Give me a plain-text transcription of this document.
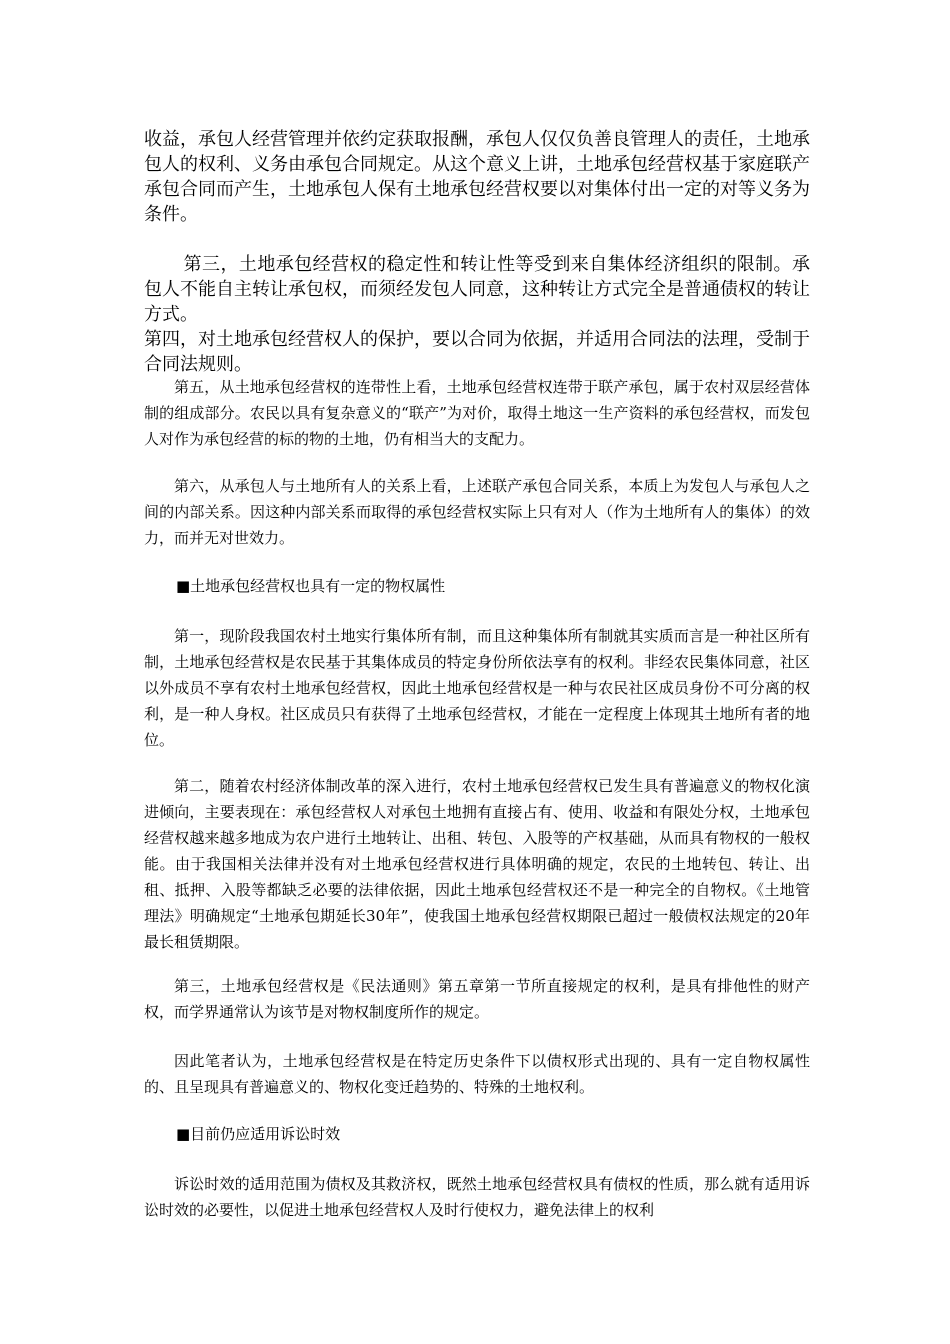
收益，承包人经营管理并依约定获取报酬，承包人仅仅负善良管理人的责任，土地承包人的权利、义务由承包合同规定。从这个意义上讲，土地承包经营权基于家庭联产承包合同而产生，土地承包人保有土地承包经营权要以对集体付出一定的对等义务为条件。

第三，土地承包经营权的稳定性和转让性等受到来自集体经济组织的限制。承包人不能自主转让承包权，而须经发包人同意，这种转让方式完全是普通债权的转让方式。

第四，对土地承包经营权人的保护，要以合同为依据，并适用合同法的法理，受制于合同法规则。

第五，从土地承包经营权的连带性上看，土地承包经营权连带于联产承包，属于农村双层经营体制的组成部分。农民以具有复杂意义的“联产”为对价，取得土地这一生产资料的承包经营权，而发包人对作为承包经营的标的物的土地，仍有相当大的支配力。

第六，从承包人与土地所有人的关系上看，上述联产承包合同关系，本质上为发包人与承包人之间的内部关系。因这种内部关系而取得的承包经营权实际上只有对人（作为土地所有人的集体）的效力，而并无对世效力。

■土地承包经营权也具有一定的物权属性

第一，现阶段我国农村土地实行集体所有制，而且这种集体所有制就其实质而言是一种社区所有制，土地承包经营权是农民基于其集体成员的特定身份所依法享有的权利。非经农民集体同意，社区以外成员不享有农村土地承包经营权，因此土地承包经营权是一种与农民社区成员身份不可分离的权利，是一种人身权。社区成员只有获得了土地承包经营权，才能在一定程度上体现其土地所有者的地位。

第二，随着农村经济体制改革的深入进行，农村土地承包经营权已发生具有普遍意义的物权化演进倾向，主要表现在：承包经营权人对承包土地拥有直接占有、使用、收益和有限处分权，土地承包经营权越来越多地成为农户进行土地转让、出租、转包、入股等的产权基础，从而具有物权的一般权能。由于我国相关法律并没有对土地承包经营权进行具体明确的规定，农民的土地转包、转让、出租、抵押、入股等都缺乏必要的法律依据，因此土地承包经营权还不是一种完全的自物权。《土地管理法》明确规定“土地承包期延长30年”，使我国土地承包经营权期限已超过一般债权法规定的20年最长租赁期限。

第三，土地承包经营权是《民法通则》第五章第一节所直接规定的权利，是具有排他性的财产权，而学界通常认为该节是对物权制度所作的规定。

因此笔者认为，土地承包经营权是在特定历史条件下以债权形式出现的、具有一定自物权属性的、且呈现具有普遍意义的、物权化变迁趋势的、特殊的土地权利。

■目前仍应适用诉讼时效

诉讼时效的适用范围为债权及其救济权，既然土地承包经营权具有债权的性质，那么就有适用诉讼时效的必要性，以促进土地承包经营权人及时行使权力，避免法律上的权利
